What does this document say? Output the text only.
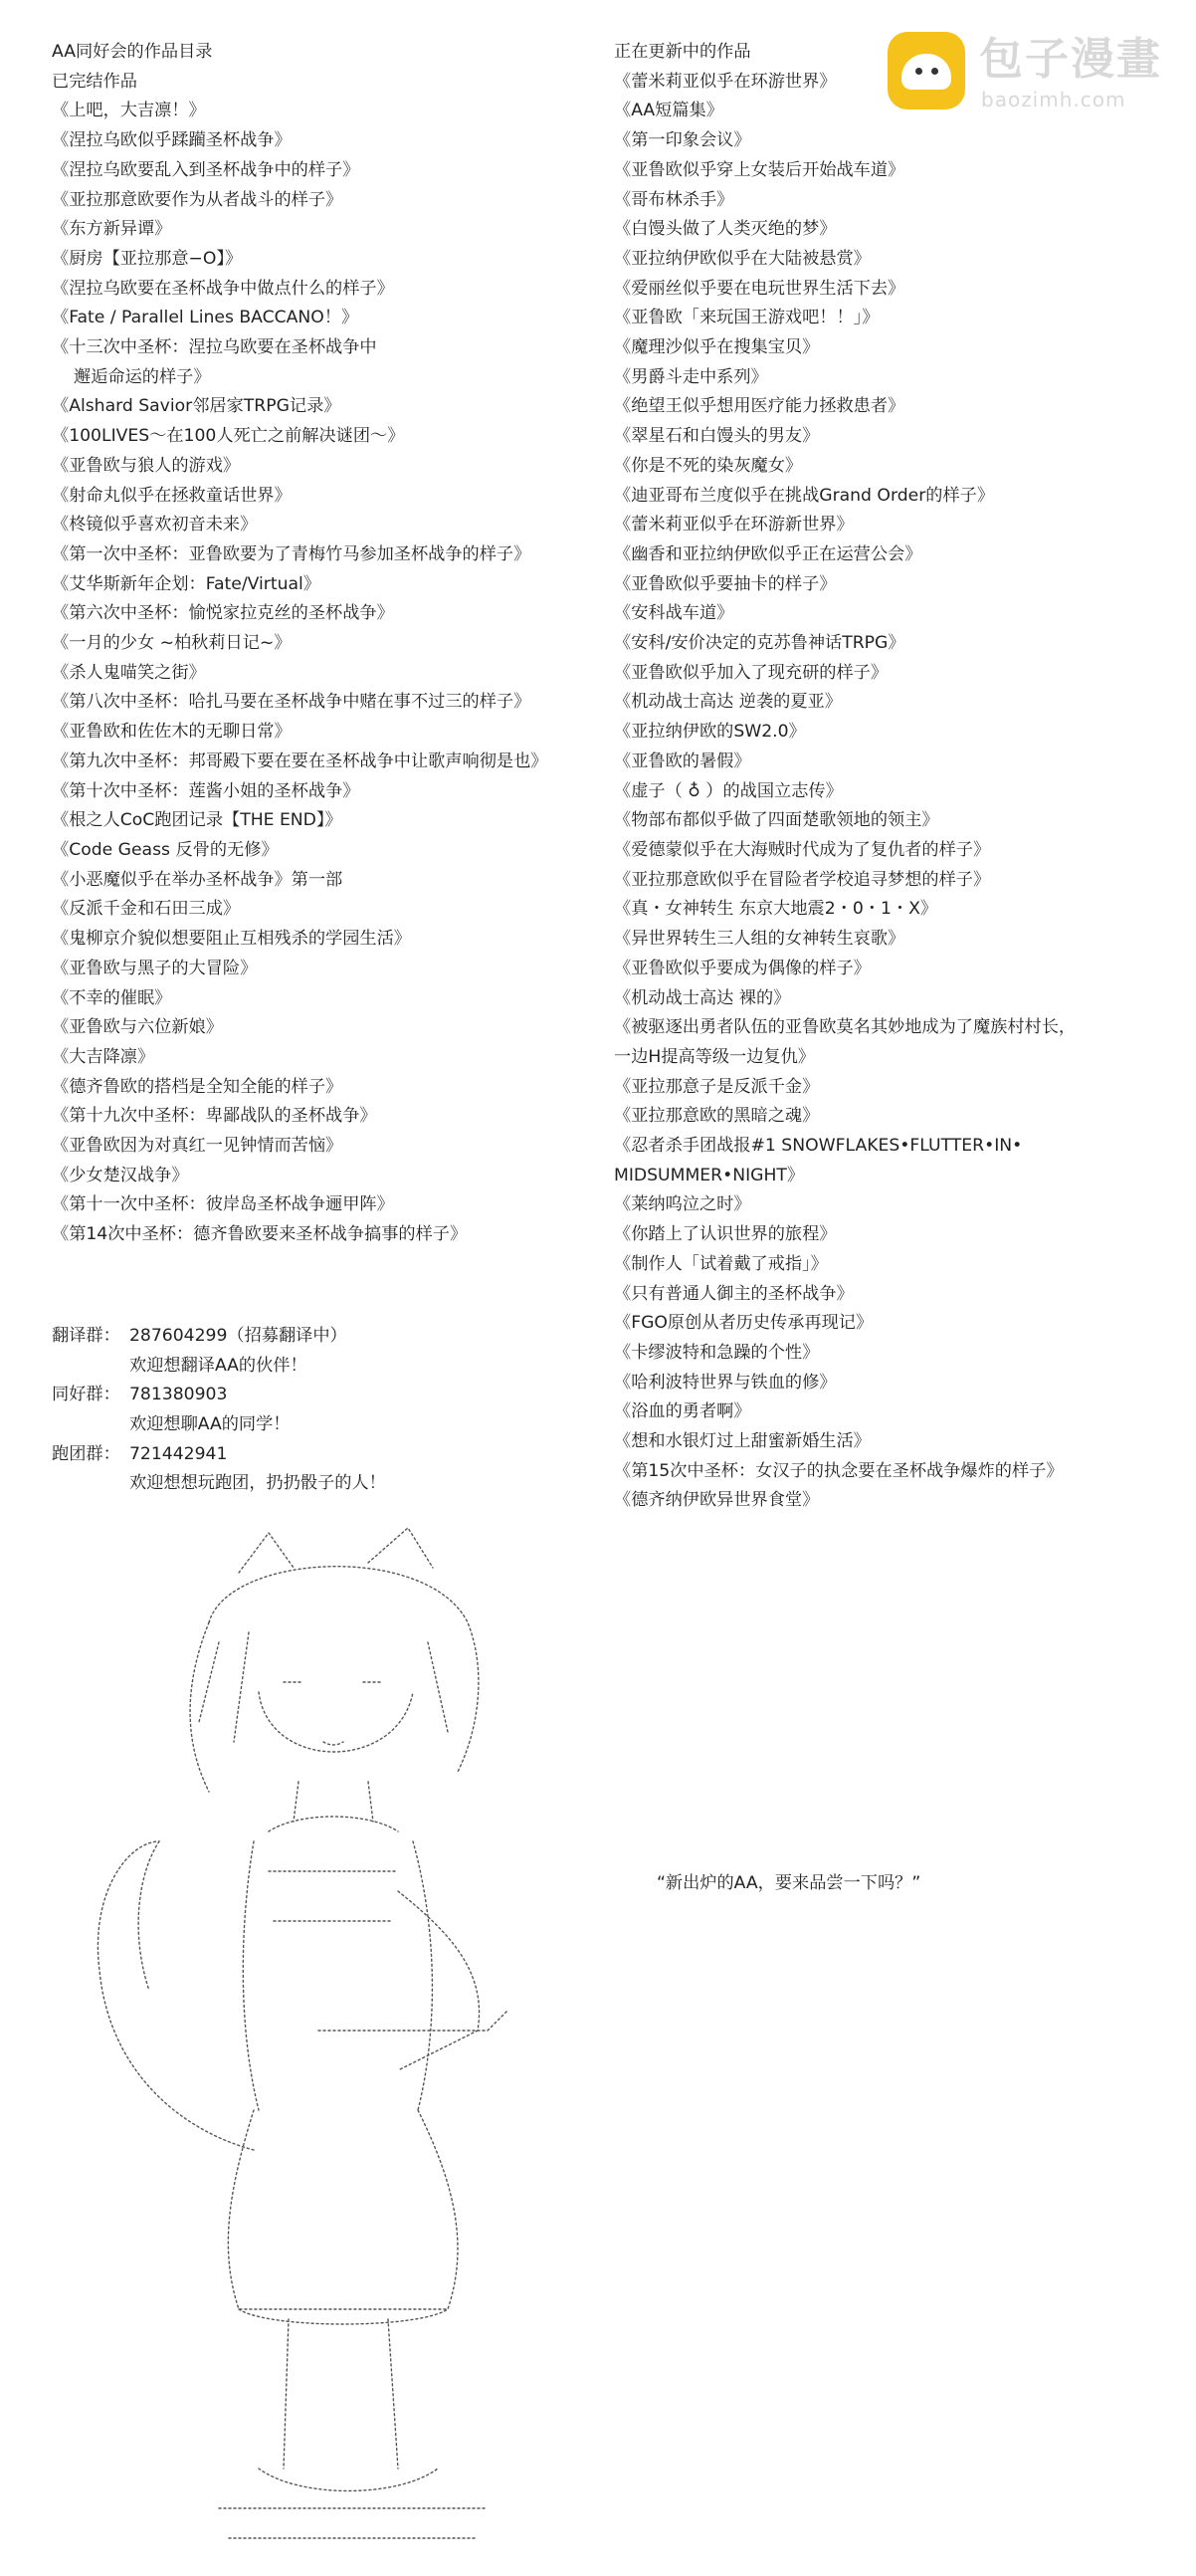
包子漫畫
baozimh.com
AA同好会的作品目录
已完结作品
《上吧，大吉凛！》
《涅拉乌欧似乎蹂躏圣杯战争》
《涅拉乌欧要乱入到圣杯战争中的样子》
《亚拉那意欧要作为从者战斗的样子》
《东方新异谭》
《厨房【亚拉那意−O】》
《涅拉乌欧要在圣杯战争中做点什么的样子》
《Fate / Parallel Lines BACCANO！》
《十三次中圣杯：涅拉乌欧要在圣杯战争中
邂逅命运的样子》
《Alshard Savior邻居家TRPG记录》
《100LIVES～在100人死亡之前解决谜团～》
《亚鲁欧与狼人的游戏》
《射命丸似乎在拯救童话世界》
《柊镜似乎喜欢初音未来》
《第一次中圣杯：亚鲁欧要为了青梅竹马参加圣杯战争的样子》
《艾华斯新年企划：Fate/Virtual》
《第六次中圣杯：愉悦家拉克丝的圣杯战争》
《一月的少女 ~柏秋莉日记~》
《杀人鬼喵笑之街》
《第八次中圣杯：哈扎马要在圣杯战争中赌在事不过三的样子》
《亚鲁欧和佐佐木的无聊日常》
《第九次中圣杯：邦哥殿下要在要在圣杯战争中让歌声响彻是也》
《第十次中圣杯：莲酱小姐的圣杯战争》
《根之人CoC跑团记录【THE END】》
《Code Geass 反骨的无修》
《小恶魔似乎在举办圣杯战争》第一部
《反派千金和石田三成》
《鬼柳京介貌似想要阻止互相残杀的学园生活》
《亚鲁欧与黑子的大冒险》
《不幸的催眠》
《亚鲁欧与六位新娘》
《大吉降凛》
《德齐鲁欧的搭档是全知全能的样子》
《第十九次中圣杯：卑鄙战队的圣杯战争》
《亚鲁欧因为对真红一见钟情而苦恼》
《少女楚汉战争》
《第十一次中圣杯：彼岸岛圣杯战争逦甲阵》
《第14次中圣杯：德齐鲁欧要来圣杯战争搞事的样子》
翻译群： 287604299（招募翻译中）
欢迎想翻译AA的伙伴！
同好群： 781380903
欢迎想聊AA的同学！
跑团群： 721442941
欢迎想想玩跑团，扔扔骰子的人！
正在更新中的作品
《蕾米莉亚似乎在环游世界》
《AA短篇集》
《第一印象会议》
《亚鲁欧似乎穿上女装后开始战车道》
《哥布林杀手》
《白馒头做了人类灭绝的梦》
《亚拉纳伊欧似乎在大陆被悬赏》
《爱丽丝似乎要在电玩世界生活下去》
《亚鲁欧「来玩国王游戏吧！！」》
《魔理沙似乎在搜集宝贝》
《男爵斗走中系列》
《绝望王似乎想用医疗能力拯救患者》
《翠星石和白馒头的男友》
《你是不死的染灰魔女》
《迪亚哥布兰度似乎在挑战Grand Order的样子》
《蕾米莉亚似乎在环游新世界》
《幽香和亚拉纳伊欧似乎正在运营公会》
《亚鲁欧似乎要抽卡的样子》
《安科战车道》
《安科/安价决定的克苏鲁神话TRPG》
《亚鲁欧似乎加入了现充研的样子》
《机动战士高达 逆袭的夏亚》
《亚拉纳伊欧的SW2.0》
《亚鲁欧的暑假》
《虚子（ ♁ ）的战国立志传》
《物部布都似乎做了四面楚歌领地的领主》
《爱德蒙似乎在大海贼时代成为了复仇者的样子》
《亚拉那意欧似乎在冒险者学校追寻梦想的样子》
《真・女神转生 东京大地震2・0・1・X》
《异世界转生三人组的女神转生哀歌》
《亚鲁欧似乎要成为偶像的样子》
《机动战士高达 裸的》
《被驱逐出勇者队伍的亚鲁欧莫名其妙地成为了魔族村村长，
一边H提高等级一边复仇》
《亚拉那意子是反派千金》
《亚拉那意欧的黑暗之魂》
《忍者杀手团战报#1 SNOWFLAKES•FLUTTER•IN•
MIDSUMMER•NIGHT》
《莱纳呜泣之时》
《你踏上了认识世界的旅程》
《制作人「试着戴了戒指」》
《只有普通人御主的圣杯战争》
《FGO原创从者历史传承再现记》
《卡缪波特和急躁的个性》
《哈利波特世界与铁血的修》
《浴血的勇者啊》
《想和水银灯过上甜蜜新婚生活》
《第15次中圣杯：女汉子的执念要在圣杯战争爆炸的样子》
《德齐纳伊欧异世界食堂》
“新出炉的AA，要来品尝一下吗？”
